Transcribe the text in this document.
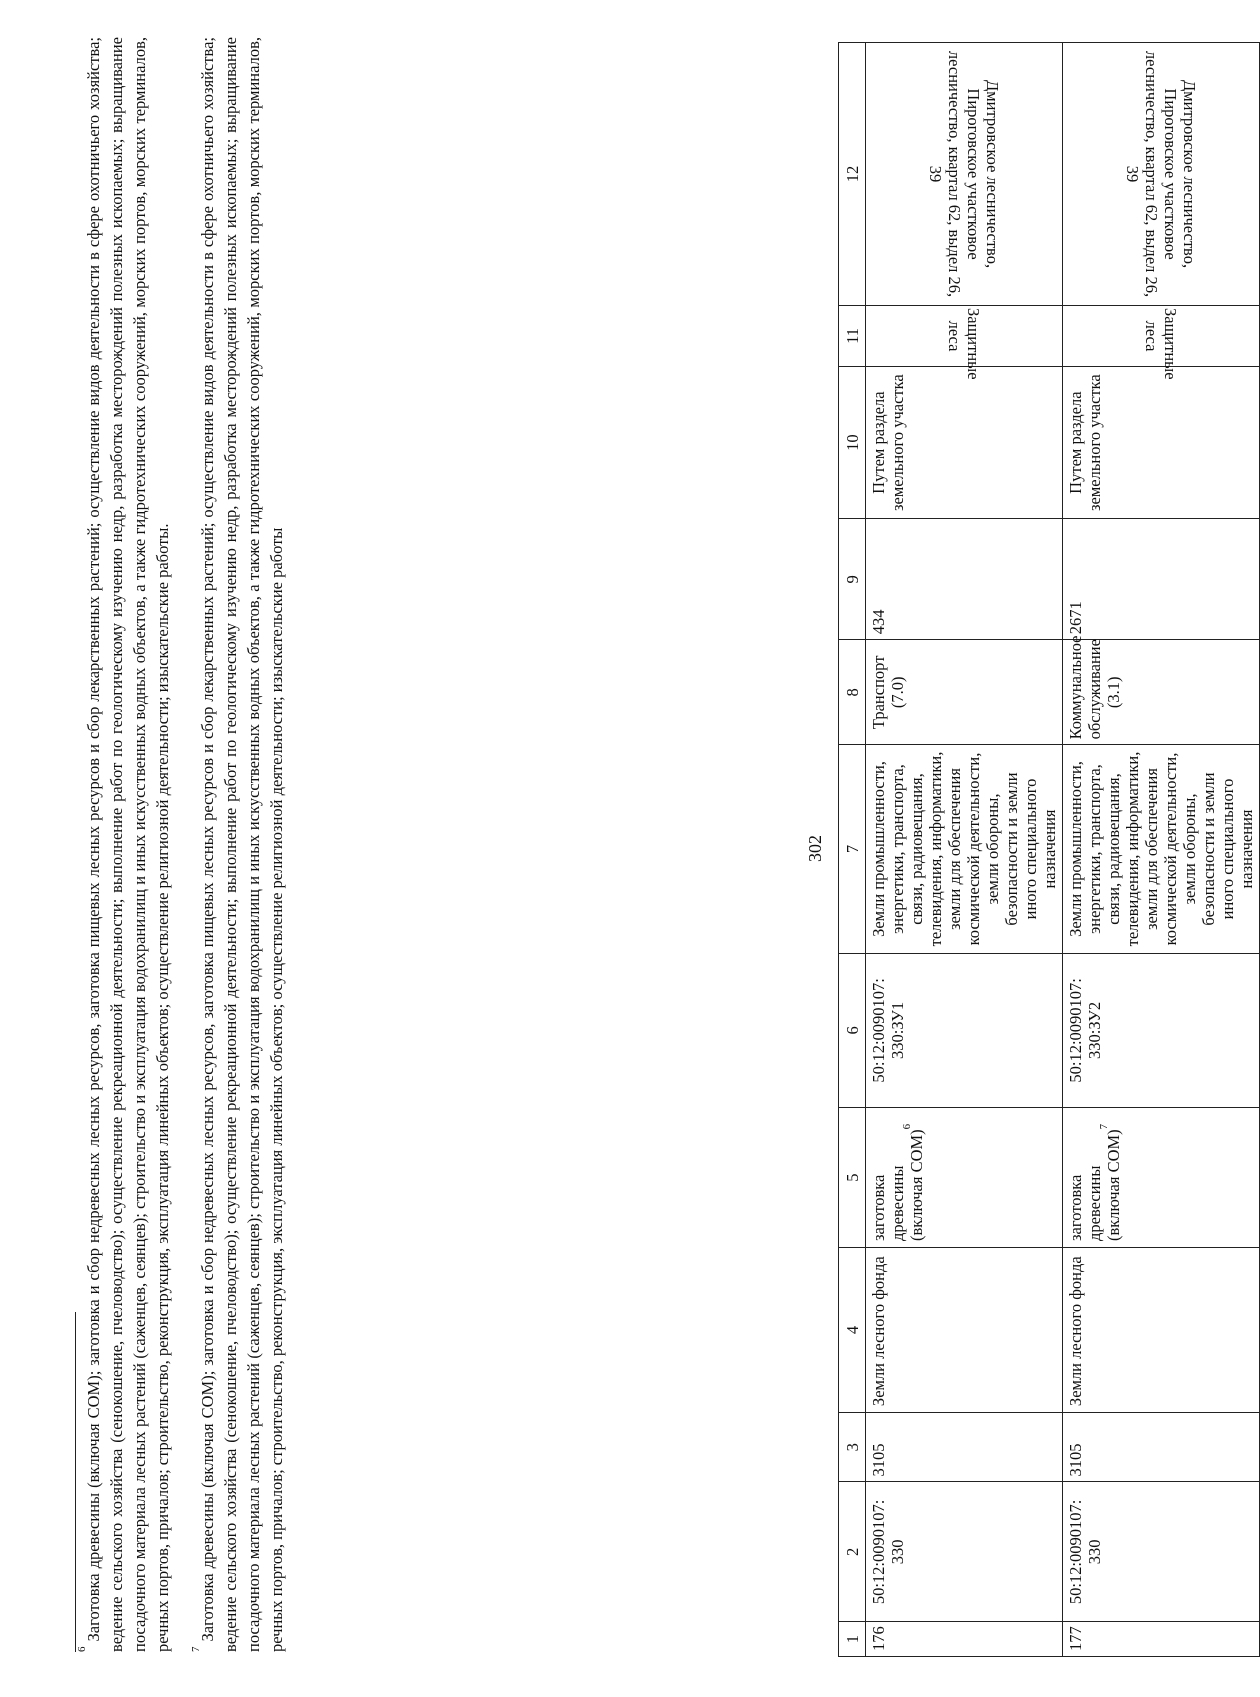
302
1	2	3	4	5	6	7	8	9	10	11	12
176	50:12:0090107: 330	3105	Земли лесного фонда	заготовка древесины (включая СОМ)$^6$	50:12:0090107: 330:ЗУ1	Земли промышленности, энергетики, транспорта, связи, радиовещания, телевидения, информатики, земли для обеспечения космической деятельности, земли обороны, безопасности и земли иного специального назначения	Транспорт (7.0)	434	Путем раздела земельного участка	Защитные леса	Дмитровское лесничество, Пироговское участковое лесничество, квартал 62, выдел 26, 39

177	50:12:0090107: 330	3105	Земли лесного фонда	заготовка древесины (включая СОМ)$^7$	50:12:0090107: 330:ЗУ2	Земли промышленности, энергетики, транспорта, связи, радиовещания, телевидения, информатики, земли для обеспечения космической деятельности, земли обороны, безопасности и земли иного специального назначения	Коммунальное обслуживание (3.1)	2671	Путем раздела земельного участка	Защитные леса	Дмитровское лесничество, Пироговское участковое лесничество, квартал 62, выдел 26, 39

$^6$ Заготовка древесины (включая СОМ); заготовка и сбор недревесных лесных ресурсов, заготовка пищевых лесных ресурсов и сбор лекарственных растений; осуществление видов деятельности в сфере охотничьего хозяйства; ведение сельского хозяйства (сенокошение, пчеловодство); осуществление рекреационной деятельности; выполнение работ по геологическому изучению недр, разработка месторождений полезных ископаемых; выращивание посадочного материала лесных растений (саженцев, сеянцев); строительство и эксплуатация водохранилищ и иных искусственных водных объектов, а также гидротехнических сооружений, морских портов, морских терминалов, речных портов, причалов; строительство, реконструкция, эксплуатация линейных объектов; осуществление религиозной деятельности; изыскательские работы. $^7$ Заготовка древесины (включая СОМ); заготовка и сбор недревесных лесных ресурсов, заготовка пищевых лесных ресурсов и сбор лекарственных растений; осуществление видов деятельности в сфере охотничьего хозяйства; ведение сельского хозяйства (сенокошение, пчеловодство); осуществление рекреационной деятельности; выполнение работ по геологическому изучению недр, разработка месторождений полезных ископаемых; выращивание посадочного материала лесных растений (саженцев, сеянцев); строительство и эксплуатация водохранилищ и иных искусственных водных объектов, а также гидротехнических сооружений, морских портов, морских терминалов, речных портов, причалов; строительство, реконструкция, эксплуатация линейных объектов; осуществление религиозной деятельности; изыскательские работы
